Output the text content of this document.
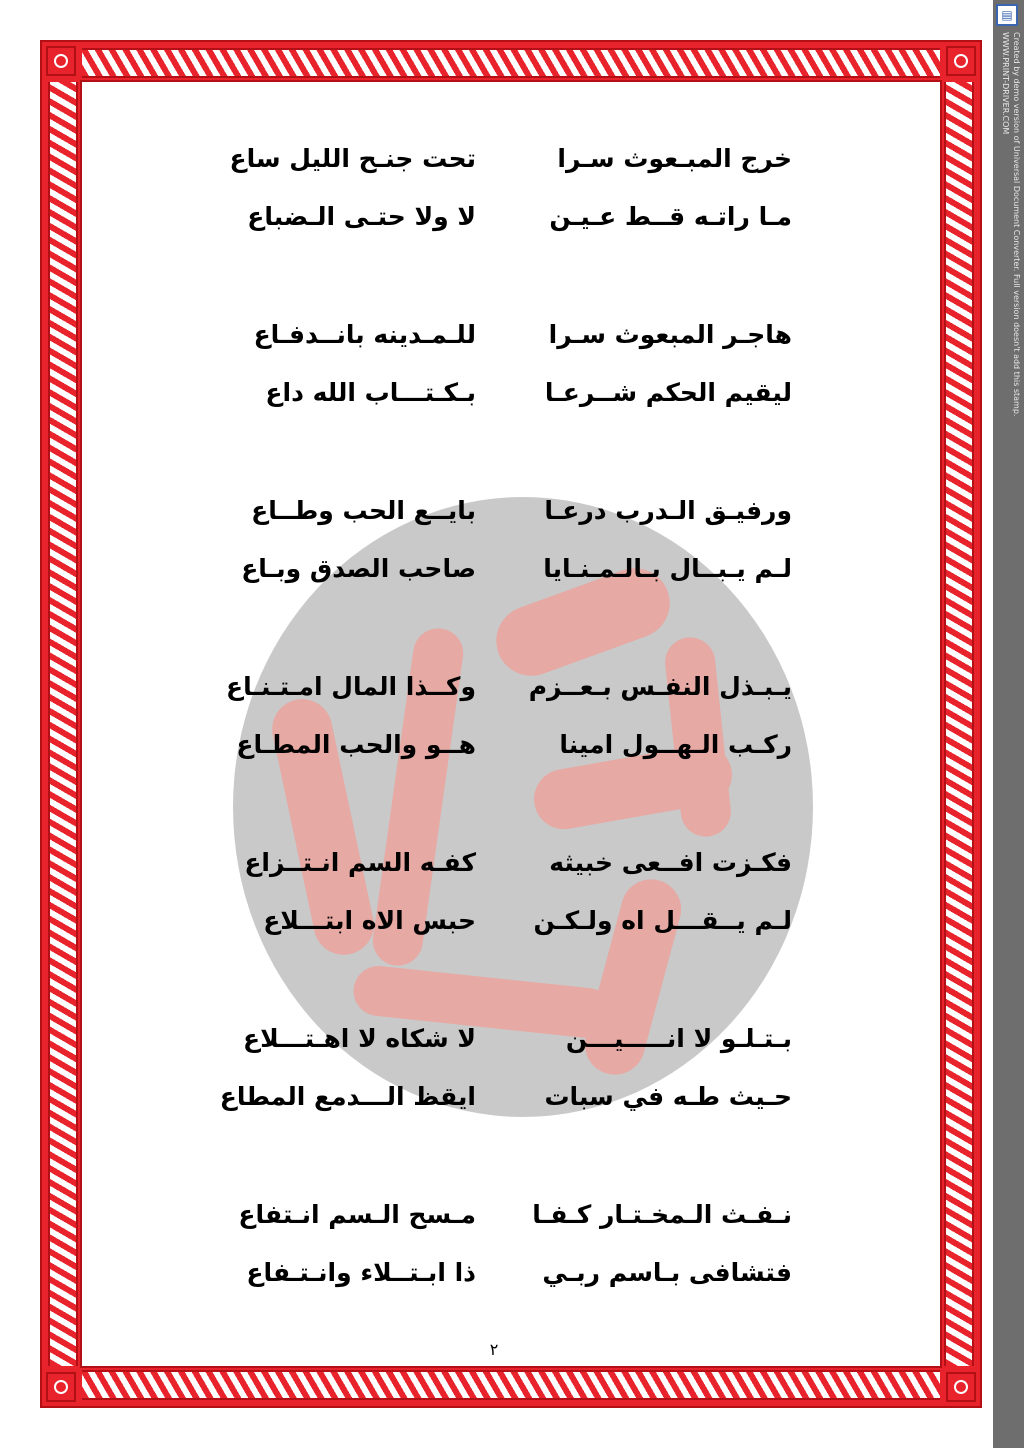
خرج المبـعوث سـرا
تحت جنـح الليل ساع
مـا راتـه قــط عـيـن
لا ولا حتـى الـضباع
هاجـر المبعوث سـرا
للـمـدينه بانــدفـاع
ليقيم الحكم شــرعـا
بـكـتـــاب الله داع
ورفيـق الـدرب درعـا
بايــع الحب وطــاع
لـم يـبــال بـالـمـنـايا
صاحب الصدق وبـاع
يـبـذل النفـس بـعــزم
وكــذا المال امـتـنـاع
ركـب الـهــول امينا
هــو والحب المطـاع
فكـزت افــعى خبيثه
كفـه السم انـتــزاع
لـم يــقـــل اه ولـكـن
حبس الاه ابتـــلاع
بـتـلـو لا انـــــيـــن
لا شكاه لا اهـتـــلاع
حـيث طـه في سبات
ايقظ الـــدمع المطاع
نـفـث الـمخـتـار كـفـا
مـسح الـسم انـتفاع
فتشافى بـاسم ربـي
ذا ابـتــلاء وانـتـفاع
٢
▤
Created by demo version of Universal Document Converter. Full version doesn't add this stamp. WWW.PRINT-DRIVER.COM
